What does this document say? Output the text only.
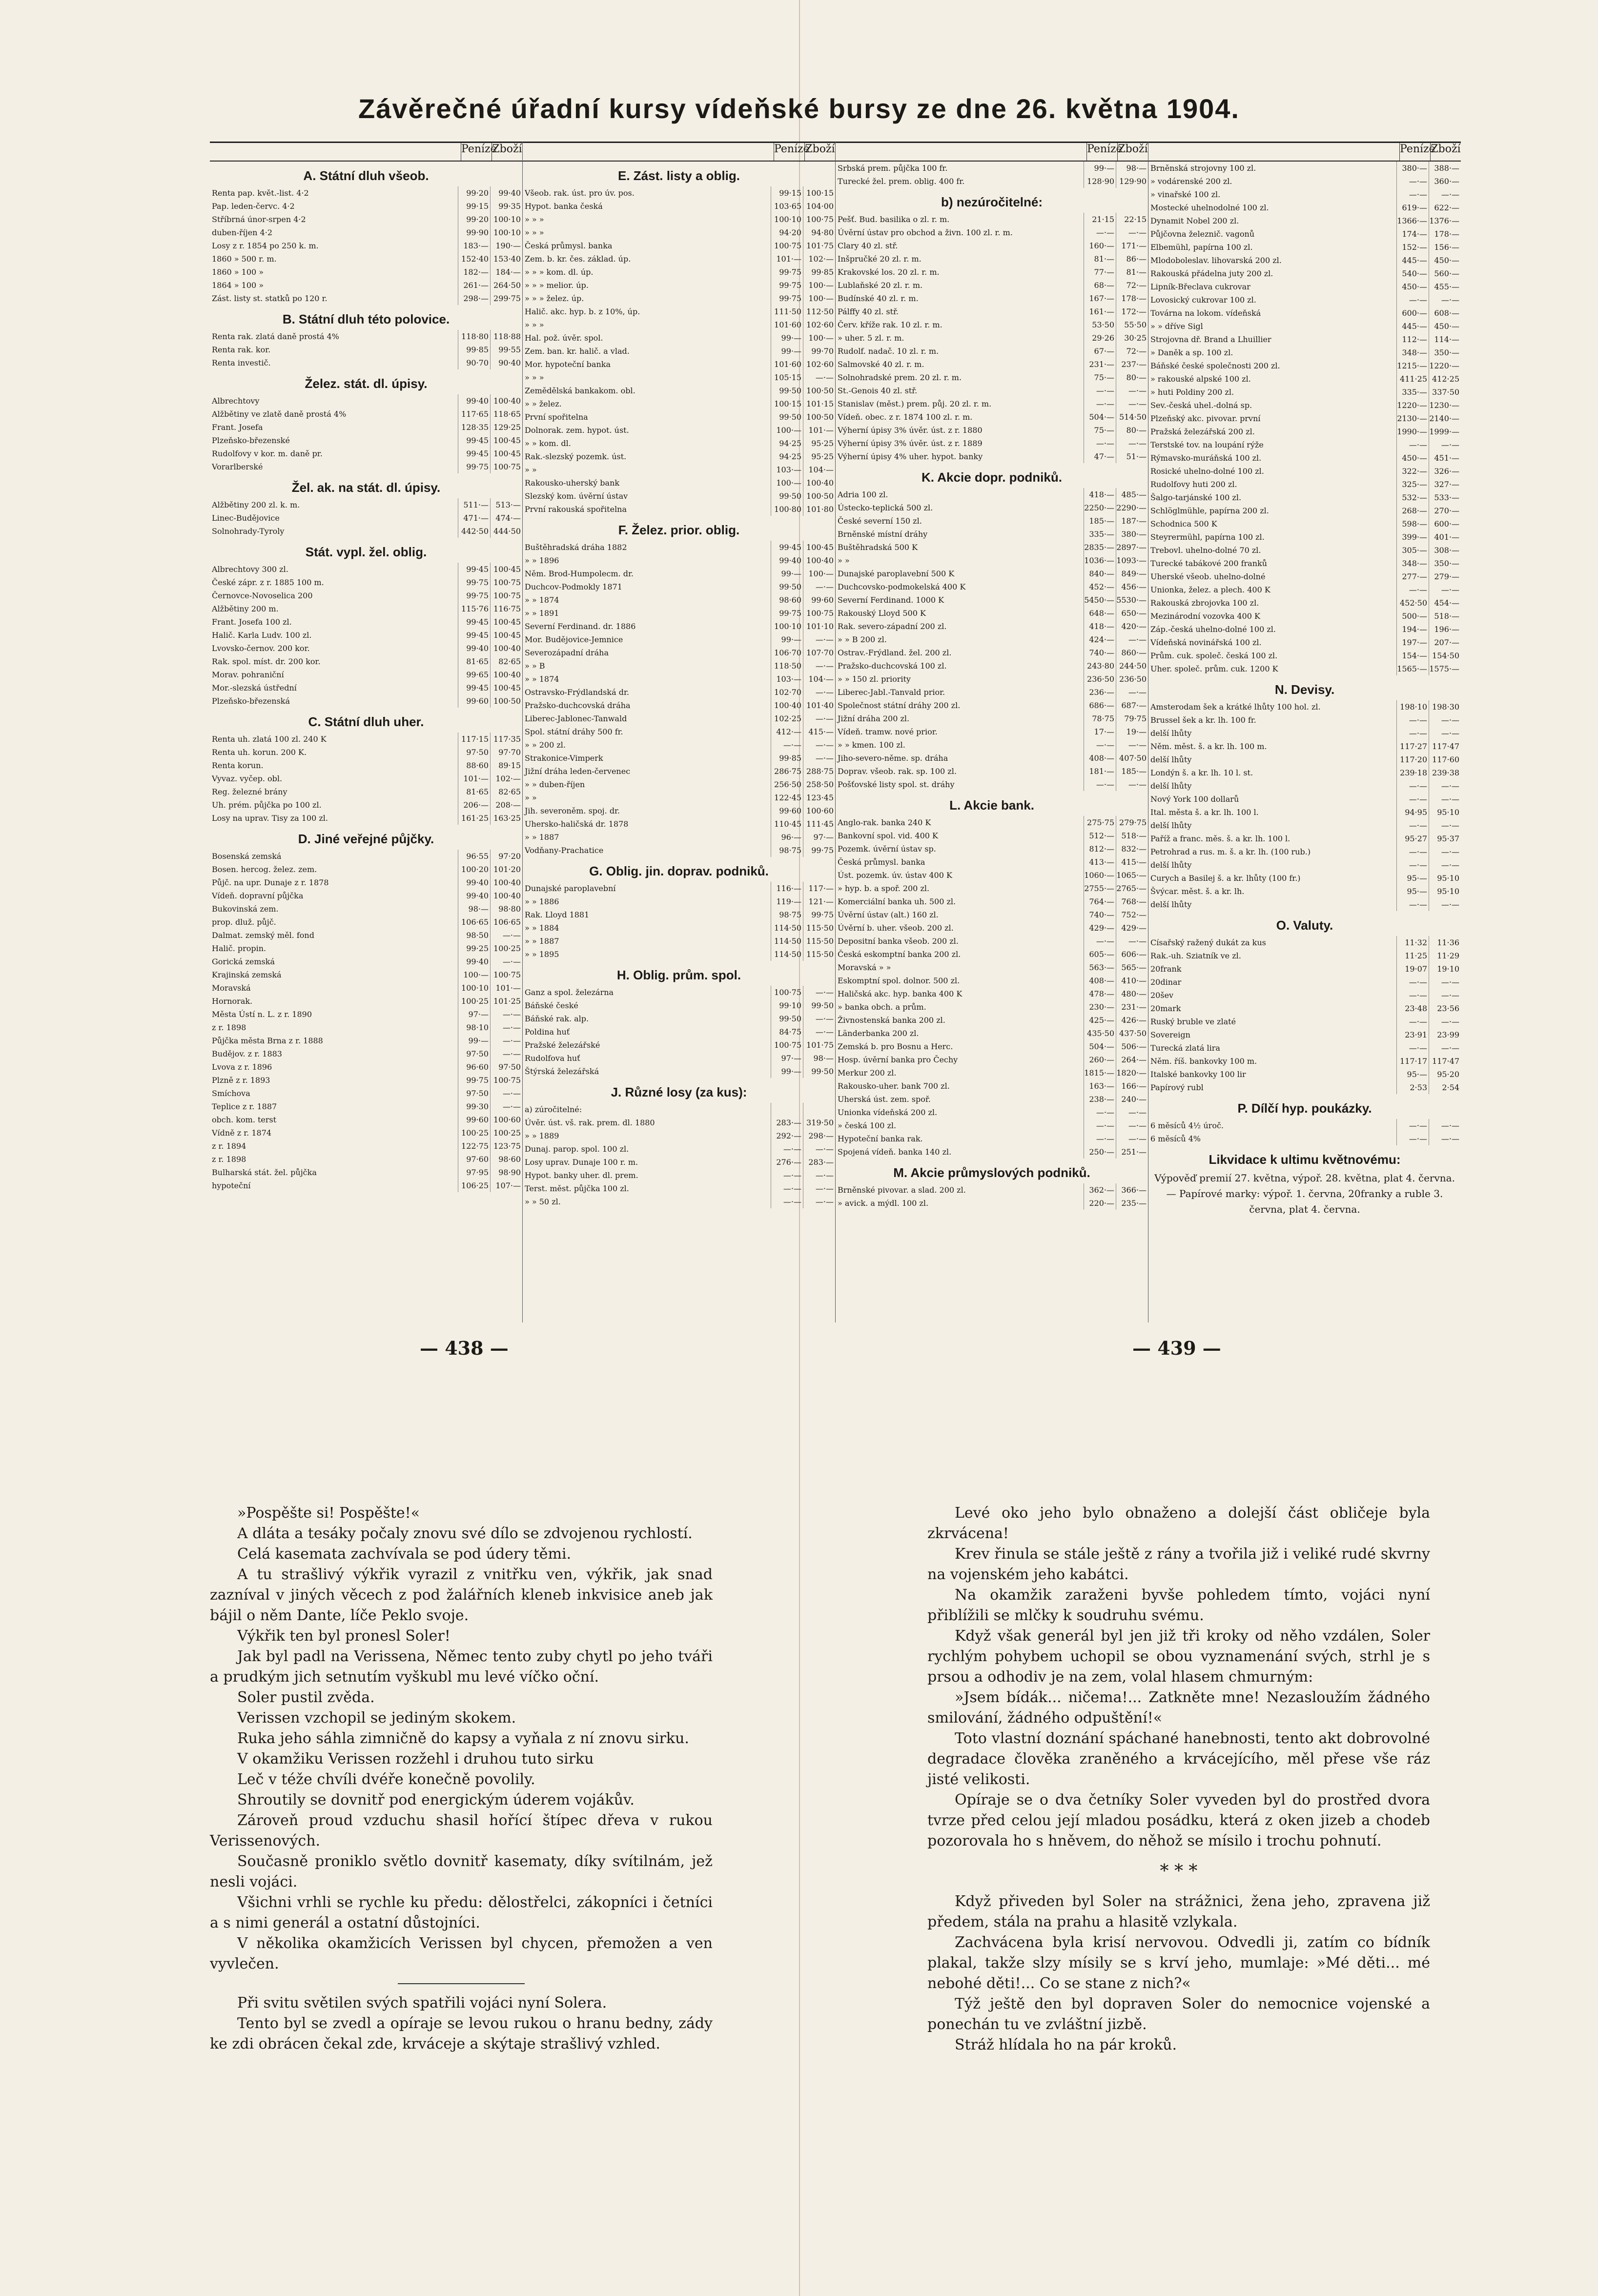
Závěrečné úřadní kursy vídeňské bursy ze dne 26. května 1904.
Peníze
Zboží
A. Státní dluh všeob.
Renta pap. květ.-list. 4·2	99·20	99·40
Pap. leden-červc. 4·2	99·15	99·35
Stříbrná únor-srpen 4·2	99·20 100·10
duben-říjen 4·2	99·90 100·10
Losy z r. 1854 po 250 k. m.	183·— 190·—
1860 » 500 r. m.	152·40 153·40
1860 » 100 »	182·— 184·—
1864 » 100 »	261·— 264·50
Zást. listy st. statků po 120 r.	298·— 299·75
B. Státní dluh této polovice.
Renta rak. zlatá daně prostá 4%	118·80 118·88
Renta rak. kor.	99·85	99·55
Renta investič.	90·70	90·40
Želez. stát. dl. úpisy.
Albrechtovy	99·40 100·40
Alžbětiny ve zlatě daně prostá 4%	117·65 118·65
Frant. Josefa	128·35 129·25
Plzeňsko-březenské	99·45 100·45
Rudolfovy v kor. m. daně pr.	99·45 100·45
Vorarlberské	99·75 100·75
Žel. ak. na stát. dl. úpisy.
Alžbětiny 200 zl. k. m.	511·— 513·—
Linec-Budějovice	471·— 474·—
Solnohrady-Tyroly	442·50 444·50
Stát. vypl. žel. oblig.
Albrechtovy 300 zl.	99·45 100·45
České zápr. z r. 1885 100 m.	99·75 100·75
Černovce-Novoselica 200	99·75 100·75
Alžbětiny 200 m.	115·76 116·75
Frant. Josefa 100 zl.	99·45 100·45
Halič. Karla Ludv. 100 zl.	99·45 100·45
Lvovsko-černov. 200 kor.	99·40 100·40
Rak. spol. míst. dr. 200 kor.	81·65	82·65
Morav. pohraniční	99·65 100·40
Mor.-slezská ústřední	99·45 100·45
Plzeňsko-březenská	99·60 100·50
C. Státní dluh uher.
Renta uh. zlatá 100 zl. 240 K	117·15 117·35
Renta uh. korun. 200 K.	97·50	97·70
Renta korun.	88·60	89·15
Vyvaz. vyčep. obl.	101·— 102·—
Reg. železné brány	81·65	82·65
Uh. prém. půjčka po 100 zl.	206·— 208·—
Losy na uprav. Tisy za 100 zl.	161·25 163·25
D. Jiné veřejné půjčky.
Bosenská zemská	96·55	97·20
Bosen. hercog. želez. zem.	100·20 101·20
Půjč. na upr. Dunaje z r. 1878	99·40 100·40
Vídeň. dopravní půjčka	99·40 100·40
Bukovinská zem.	98·—	98·80
prop. dluž. půjč.	106·65 106·65
Dalmat. zemský měl. fond	98·50	—·—
Halič. propin.	99·25 100·25
Gorická zemská	99·40	—·—
Krajinská zemská	100·— 100·75
Moravská	100·10 101·—
Hornorak.	100·25 101·25
Města Ústí n. L. z r. 1890	97·—	—·—
z r. 1898	98·10	—·—
Půjčka města Brna z r. 1888	99·—	—·—
Budějov. z r. 1883	97·50	—·—
Lvova z r. 1896	96·60	97·50
Plzně z r. 1893	99·75 100·75
Smíchova	97·50	—·—
Teplice z r. 1887	99·30	—·—
obch. kom. terst	99·60 100·60
Vídně z r. 1874	100·25 100·25
z r. 1894	122·75 123·75
z r. 1898	97·60	98·60
Bulharská stát. žel. půjčka	97·95	98·90
hypoteční	106·25 107·—
Peníze
Zboží
E. Zást. listy a oblig.
Všeob. rak. úst. pro úv. pos.	99·15 100·15
Hypot. banka česká	103·65 104·00
» » »	100·10 100·75
» » »	94·20	94·80
Česká průmysl. banka	100·75 101·75
Zem. b. kr. čes. základ. úp.	101·— 102·—
» » » kom. dl. úp.	99·75	99·85
» » » melior. úp.	99·75 100·—
» » » želez. úp.	99·75 100·—
Halič. akc. hyp. b. z 10%, úp.	111·50 112·50
» » »	101·60 102·60
Hal. pož. úvěr. spol.	99·— 100·—
Zem. ban. kr. halič. a vlad.	99·—	99·70
Mor. hypoteční banka	101·60 102·60
» » »	105·15	—·—
Zemědělská bankakom. obl.	99·50 100·50
» » želez.	100·15 101·15
První spořitelna	99·50 100·50
Dolnorak. zem. hypot. úst.	100·— 101·—
» » kom. dl.	94·25	95·25
Rak.-slezský pozemk. úst.	94·25	95·25
» »	103·— 104·—
Rakousko-uherský bank	100·— 100·40
Slezský kom. úvěrní ústav	99·50 100·50
První rakouská spořitelna	100·80 101·80
F. Želez. prior. oblig.
Buštěhradská dráha 1882	99·45 100·45
» » 1896	99·40 100·40
Něm. Brod-Humpolecm. dr.	99·— 100·—
Duchcov-Podmokly 1871	99·50	—·—
» » 1874	98·60	99·60
» » 1891	99·75 100·75
Severní Ferdinand. dr. 1886	100·10 101·10
Mor. Budějovice-Jemnice	99·—	—·—
Severozápadní dráha	106·70 107·70
» » B	118·50	—·—
» » 1874	103·— 104·—
Ostravsko-Frýdlandská dr.	102·70	—·—
Pražsko-duchcovská dráha	100·40 101·40
Liberec-Jablonec-Tanwald	102·25	—·—
Spol. státní dráhy 500 fr.	412·— 415·—
» » 200 zl.	—·—	—·—
Strakonice-Vimperk	99·85	—·—
Jižní dráha leden-červenec	286·75 288·75
» » duben-říjen	256·50 258·50
» »	122·45 123·45
Jih. severoněm. spoj. dr.	99·60 100·60
Uhersko-haličská dr. 1878	110·45 111·45
» » 1887	96·—	97·—
Vodňany-Prachatice	98·75	99·75
G. Oblig. jin. doprav. podniků.
Dunajské paroplavební	116·— 117·—
» » 1886	119·— 121·—
Rak. Lloyd 1881	98·75	99·75
» » 1884	114·50 115·50
» » 1887	114·50 115·50
» » 1895	114·50 115·50
H. Oblig. prům. spol.
Ganz a spol. železárna	100·75	—·—
Báňské české	99·10	99·50
Báňské rak. alp.	99·50	—·—
Poldina huť	84·75	—·—
Pražské železářské	100·75 101·75
Rudolfova huť	97·—	98·—
Štýrská železářská	99·—	99·50
J. Různé losy (za kus):
a) zúročitelné:
Úvěr. úst. vš. rak. prem. dl. 1880	283·— 319·50
» » 1889	292·— 298·—
Dunaj. parop. spol. 100 zl.	—·—	—·—
Losy uprav. Dunaje 100 r. m.	276·— 283·—
Hypot. banky uher. dl. prem.	—·—	—·—
Terst. měst. půjčka 100 zl.	—·—	—·—
» » 50 zl.	—·—	—·—
Peníze
Zboží
Srbská prem. půjčka 100 fr.	99·—	98·—
Turecké žel. prem. oblig. 400 fr.	128·90 129·90
b) nezúročitelné:
Pešť. Bud. basilika o zl. r. m.	21·15	22·15
Úvěrní ústav pro obchod a živn. 100 zl. r. m.	—·—	—·—
Clary 40 zl. stř.	160·— 171·—
Inšpručké 20 zl. r. m.	81·—	86·—
Krakovské los. 20 zl. r. m.	77·—	81·—
Lublaňské 20 zl. r. m.	68·—	72·—
Budínské 40 zl. r. m.	167·— 178·—
Pálffy 40 zl. stř.	161·— 172·—
Červ. kříže rak. 10 zl. r. m.	53·50	55·50
» uher. 5 zl. r. m.	29·26	30·25
Rudolf. nadač. 10 zl. r. m.	67·—	72·—
Salmovské 40 zl. r. m.	231·— 237·—
Solnohradské prem. 20 zl. r. m.	75·—	80·—
St.-Genois 40 zl. stř.	—·—	—·—
Stanislav (měst.) prem. půj. 20 zl. r. m.	—·—	—·—
Vídeň. obec. z r. 1874 100 zl. r. m.	504·— 514·50
Výherní úpisy 3% úvěr. úst. z r. 1880	75·—	80·—
Výherní úpisy 3% úvěr. úst. z r. 1889	—·—	—·—
Výherní úpisy 4% uher. hypot. banky	47·—	51·—
K. Akcie dopr. podniků.
Adria 100 zl.	418·— 485·—
Ústecko-teplická 500 zl.	2250·— 2290·—
České severní 150 zl.	185·— 187·—
Brněnské místní dráhy	335·— 380·—
Buštěhradská 500 K	2835·— 2897·—
» »	1036·— 1093·—
Dunajské paroplavební 500 K	840·— 849·—
Duchcovsko-podmokelská 400 K	452·— 456·—
Severní Ferdinand. 1000 K	5450·— 5530·—
Rakouský Lloyd 500 K	648·— 650·—
Rak. severo-západní 200 zl.	418·— 420·—
» » B 200 zl.	424·—	—·—
Ostrav.-Frýdland. žel. 200 zl.	740·— 860·—
Pražsko-duchcovská 100 zl.	243·80 244·50
» » 150 zl. priority	236·50 236·50
Liberec-Jabl.-Tanvald prior.	236·—	—·—
Společnost státní dráhy 200 zl.	686·— 687·—
Jižní dráha 200 zl.	78·75	79·75
Vídeň. tramw. nové prior.	17·—	19·—
» » kmen. 100 zl.	—·—	—·—
Jiho-severo-něme. sp. dráha	408·— 407·50
Doprav. všeob. rak. sp. 100 zl.	181·— 185·—
Pošťovské listy spol. st. dráhy	—·—	—·—
L. Akcie bank.
Anglo-rak. banka 240 K	275·75 279·75
Bankovní spol. vid. 400 K	512·— 518·—
Pozemk. úvěrní ústav sp.	812·— 832·—
Česká průmysl. banka	413·— 415·—
Úst. pozemk. úv. ústav 400 K	1060·— 1065·—
» hyp. b. a spoř. 200 zl.	2755·— 2765·—
Komerciální banka uh. 500 zl.	764·— 768·—
Úvěrní ústav (alt.) 160 zl.	740·— 752·—
Úvěrní b. uher. všeob. 200 zl.	429·— 429·—
Depositní banka všeob. 200 zl.	—·—	—·—
Česká eskomptní banka 200 zl.	605·— 606·—
Moravská » »	563·— 565·—
Eskomptní spol. dolnor. 500 zl.	408·— 410·—
Haličská akc. hyp. banka 400 K	478·— 480·—
» banka obch. a prům.	230·— 231·—
Živnostenská banka 200 zl.	425·— 426·—
Länderbanka 200 zl.	435·50 437·50
Zemská b. pro Bosnu a Herc.	504·— 506·—
Hosp. úvěrní banka pro Čechy	260·— 264·—
Merkur 200 zl.	1815·— 1820·—
Rakousko-uher. bank 700 zl.	163·— 166·—
Uherská úst. zem. spoř.	238·— 240·—
Unionka vídeňská 200 zl.	—·—	—·—
» česká 100 zl.	—·—	—·—
Hypoteční banka rak.	—·—	—·—
Spojená vídeň. banka 140 zl.	250·— 251·—
M. Akcie průmyslových podniků.
Brněnské pivovar. a slad. 200 zl.	362·— 366·—
» avick. a mýdl. 100 zl.	220·— 235·—
Peníze
Zboží
Brněnská strojovny 100 zl.	380·— 388·—
» vodárenské 200 zl.	—·— 360·—
» vinařské 100 zl.	—·—	—·—
Mostecké uhelnodolné 100 zl.	619·— 622·—
Dynamit Nobel 200 zl.	1366·— 1376·—
Půjčovna železnič. vagonů	174·— 178·—
Elbemühl, papírna 100 zl.	152·— 156·—
Mlodoboleslav. lihovarská 200 zl.	445·— 450·—
Rakouská přádelna juty 200 zl.	540·— 560·—
Lipník-Břeclava cukrovar	450·— 455·—
Lovosický cukrovar 100 zl.	—·—	—·—
Továrna na lokom. vídeňská	600·— 608·—
» » dříve Sigl	445·— 450·—
Strojovna dř. Brand a Lhuillier	112·— 114·—
» Daněk a sp. 100 zl.	348·— 350·—
Báňské české společnosti 200 zl.	1215·— 1220·—
» rakouské alpské 100 zl.	411·25 412·25
» huti Poldiny 200 zl.	335·— 337·50
Sev.-česká uhel.-dolná sp.	1220·— 1230·—
Plzeňský akc. pivovar. první	2130·— 2140·—
Pražská železářská 200 zl.	1990·— 1999·—
Terstské tov. na loupání rýže	—·—	—·—
Rýmavsko-muráňská 100 zl.	450·— 451·—
Rosické uhelno-dolné 100 zl.	322·— 326·—
Rudolfovy huti 200 zl.	325·— 327·—
Šalgo-tarjánské 100 zl.	532·— 533·—
Schlöglmühle, papírna 200 zl.	268·— 270·—
Schodnica 500 K	598·— 600·—
Steyrermühl, papírna 100 zl.	399·— 401·—
Trebovl. uhelno-dolné 70 zl.	305·— 308·—
Turecké tabákové 200 franků	348·— 350·—
Uherské všeob. uhelno-dolné	277·— 279·—
Unionka, želez. a plech. 400 K	—·—	—·—
Rakouská zbrojovka 100 zl.	452·50 454·—
Mezinárodní vozovka 400 K	500·— 518·—
Záp.-česká uhelno-dolné 100 zl.	194·— 196·—
Vídeňská novinářská 100 zl.	197·— 207·—
Prům. cuk. společ. česká 100 zl.	154·— 154·50
Uher. společ. prům. cuk. 1200 K	1565·— 1575·—
N. Devisy.
Amsterodam šek a krátké lhůty 100 hol. zl.	198·10 198·30
Brussel šek a kr. lh. 100 fr.	—·—	—·—
delší lhůty	—·—	—·—
Něm. měst. š. a kr. lh. 100 m.	117·27 117·47
delší lhůty	117·20 117·60
Londýn š. a kr. lh. 10 l. st.	239·18 239·38
delší lhůty	—·—	—·—
Nový York 100 dollarů	—·—	—·—
Ital. města š. a kr. lh. 100 l.	94·95	95·10
delší lhůty	—·—	—·—
Paříž a franc. měs. š. a kr. lh. 100 l.	95·27	95·37
Petrohrad a rus. m. š. a kr. lh. (100 rub.)	—·—	—·—
delší lhůty	—·—	—·—
Curych a Basilej š. a kr. lhůty (100 fr.)	95·—	95·10
Švýcar. měst. š. a kr. lh.	95·—	95·10
delší lhůty	—·—	—·—
O. Valuty.
Císařský ražený dukát za kus	11·32	11·36
Rak.-uh. Sziatník ve zl.	11·25	11·29
20frank	19·07	19·10
20dinar	—·—	—·—
20šev	—·—	—·—
20mark	23·48	23·56
Ruský bruble ve zlaté	—·—	—·—
Sovereign	23·91	23·99
Turecká zlatá lira	—·—	—·—
Něm. říš. bankovky 100 m.	117·17 117·47
Italské bankovky 100 lir	95·—	95·20
Papírový rubl	2·53	2·54
P. Dílčí hyp. poukázky.
6 měsíců 4½ úroč.	—·—	—·—
6 měsíců 4%	—·—	—·—
Likvidace k ultimu květnovému:
Výpověď premií 27. května, výpoř. 28. května, plat 4. června. — Papírové marky: výpoř. 1. června, 20franky a ruble 3. června, plat 4. června.
— 438 —	— 439 —

»Pospěšte si! Pospěšte!«

A dláta a tesáky počaly znovu své dílo se zdvojenou rychlostí.

Celá kasemata zachvívala se pod údery těmi.

A tu strašlivý výkřik vyrazil z vnitřku ven, výkřik, jak snad zazníval v jiných věcech z pod žalářních kleneb inkvisice aneb jak bájil o něm Dante, líče Peklo svoje.

Výkřik ten byl pronesl Soler!

Jak byl padl na Verissena, Němec tento zuby chytl po jeho tváři a prudkým jich setnutím vyškubl mu levé víčko oční.

Soler pustil zvěda.

Verissen vzchopil se jediným skokem.

Ruka jeho sáhla zimničně do kapsy a vyňala z ní znovu sirku.

V okamžiku Verissen rozžehl i druhou tuto sirku

Leč v téže chvíli dvéře konečně povolily.

Shroutily se dovnitř pod energickým úderem vojákův.

Zároveň proud vzduchu shasil hořící štípec dřeva v rukou Verissenových.

Současně proniklo světlo dovnitř kasematy, díky svítilnám, jež nesli vojáci.

Všichni vrhli se rychle ku předu: dělostřelci, zákopníci i četníci a s nimi generál a ostatní důstojníci.

V několika okamžicích Verissen byl chycen, přemožen a ven vyvlečen.

Při svitu světilen svých spatřili vojáci nyní Solera.

Tento byl se zvedl a opíraje se levou rukou o hranu bedny, zády ke zdi obrácen čekal zde, krváceje a skýtaje strašlivý vzhled.

Levé oko jeho bylo obnaženo a dolejší část obličeje byla zkrvácena!

Krev řinula se stále ještě z rány a tvořila již i veliké rudé skvrny na vojenském jeho kabátci.

Na okamžik zaraženi byvše pohledem tímto, vojáci nyní přiblížili se mlčky k soudruhu svému.

Když však generál byl jen již tři kroky od něho vzdálen, Soler rychlým pohybem uchopil se obou vyznamenání svých, strhl je s prsou a odhodiv je na zem, volal hlasem chmurným:

»Jsem bídák... ničema!... Zatkněte mne! Nezasloužím žádného smilování, žádného odpuštění!«

Toto vlastní doznání spáchané hanebnosti, tento akt dobrovolné degradace člověka zraněného a krvácejícího, měl přese vše ráz jisté velikosti.

Opíraje se o dva četníky Soler vyveden byl do prostřed dvora tvrze před celou její mladou posádku, která z oken jizeb a chodeb pozorovala ho s hněvem, do něhož se mísilo i trochu pohnutí.

* * *

Když přiveden byl Soler na strážnici, žena jeho, zpravena již předem, stála na prahu a hlasitě vzlykala.

Zachvácena byla krisí nervovou. Odvedli ji, zatím co bídník plakal, takže slzy mísily se s krví jeho, mumlaje: »Mé děti... mé nebohé děti!... Co se stane z nich?«

Týž ještě den byl dopraven Soler do nemocnice vojenské a ponechán tu ve zvláštní jizbě.

Stráž hlídala ho na pár kroků.
